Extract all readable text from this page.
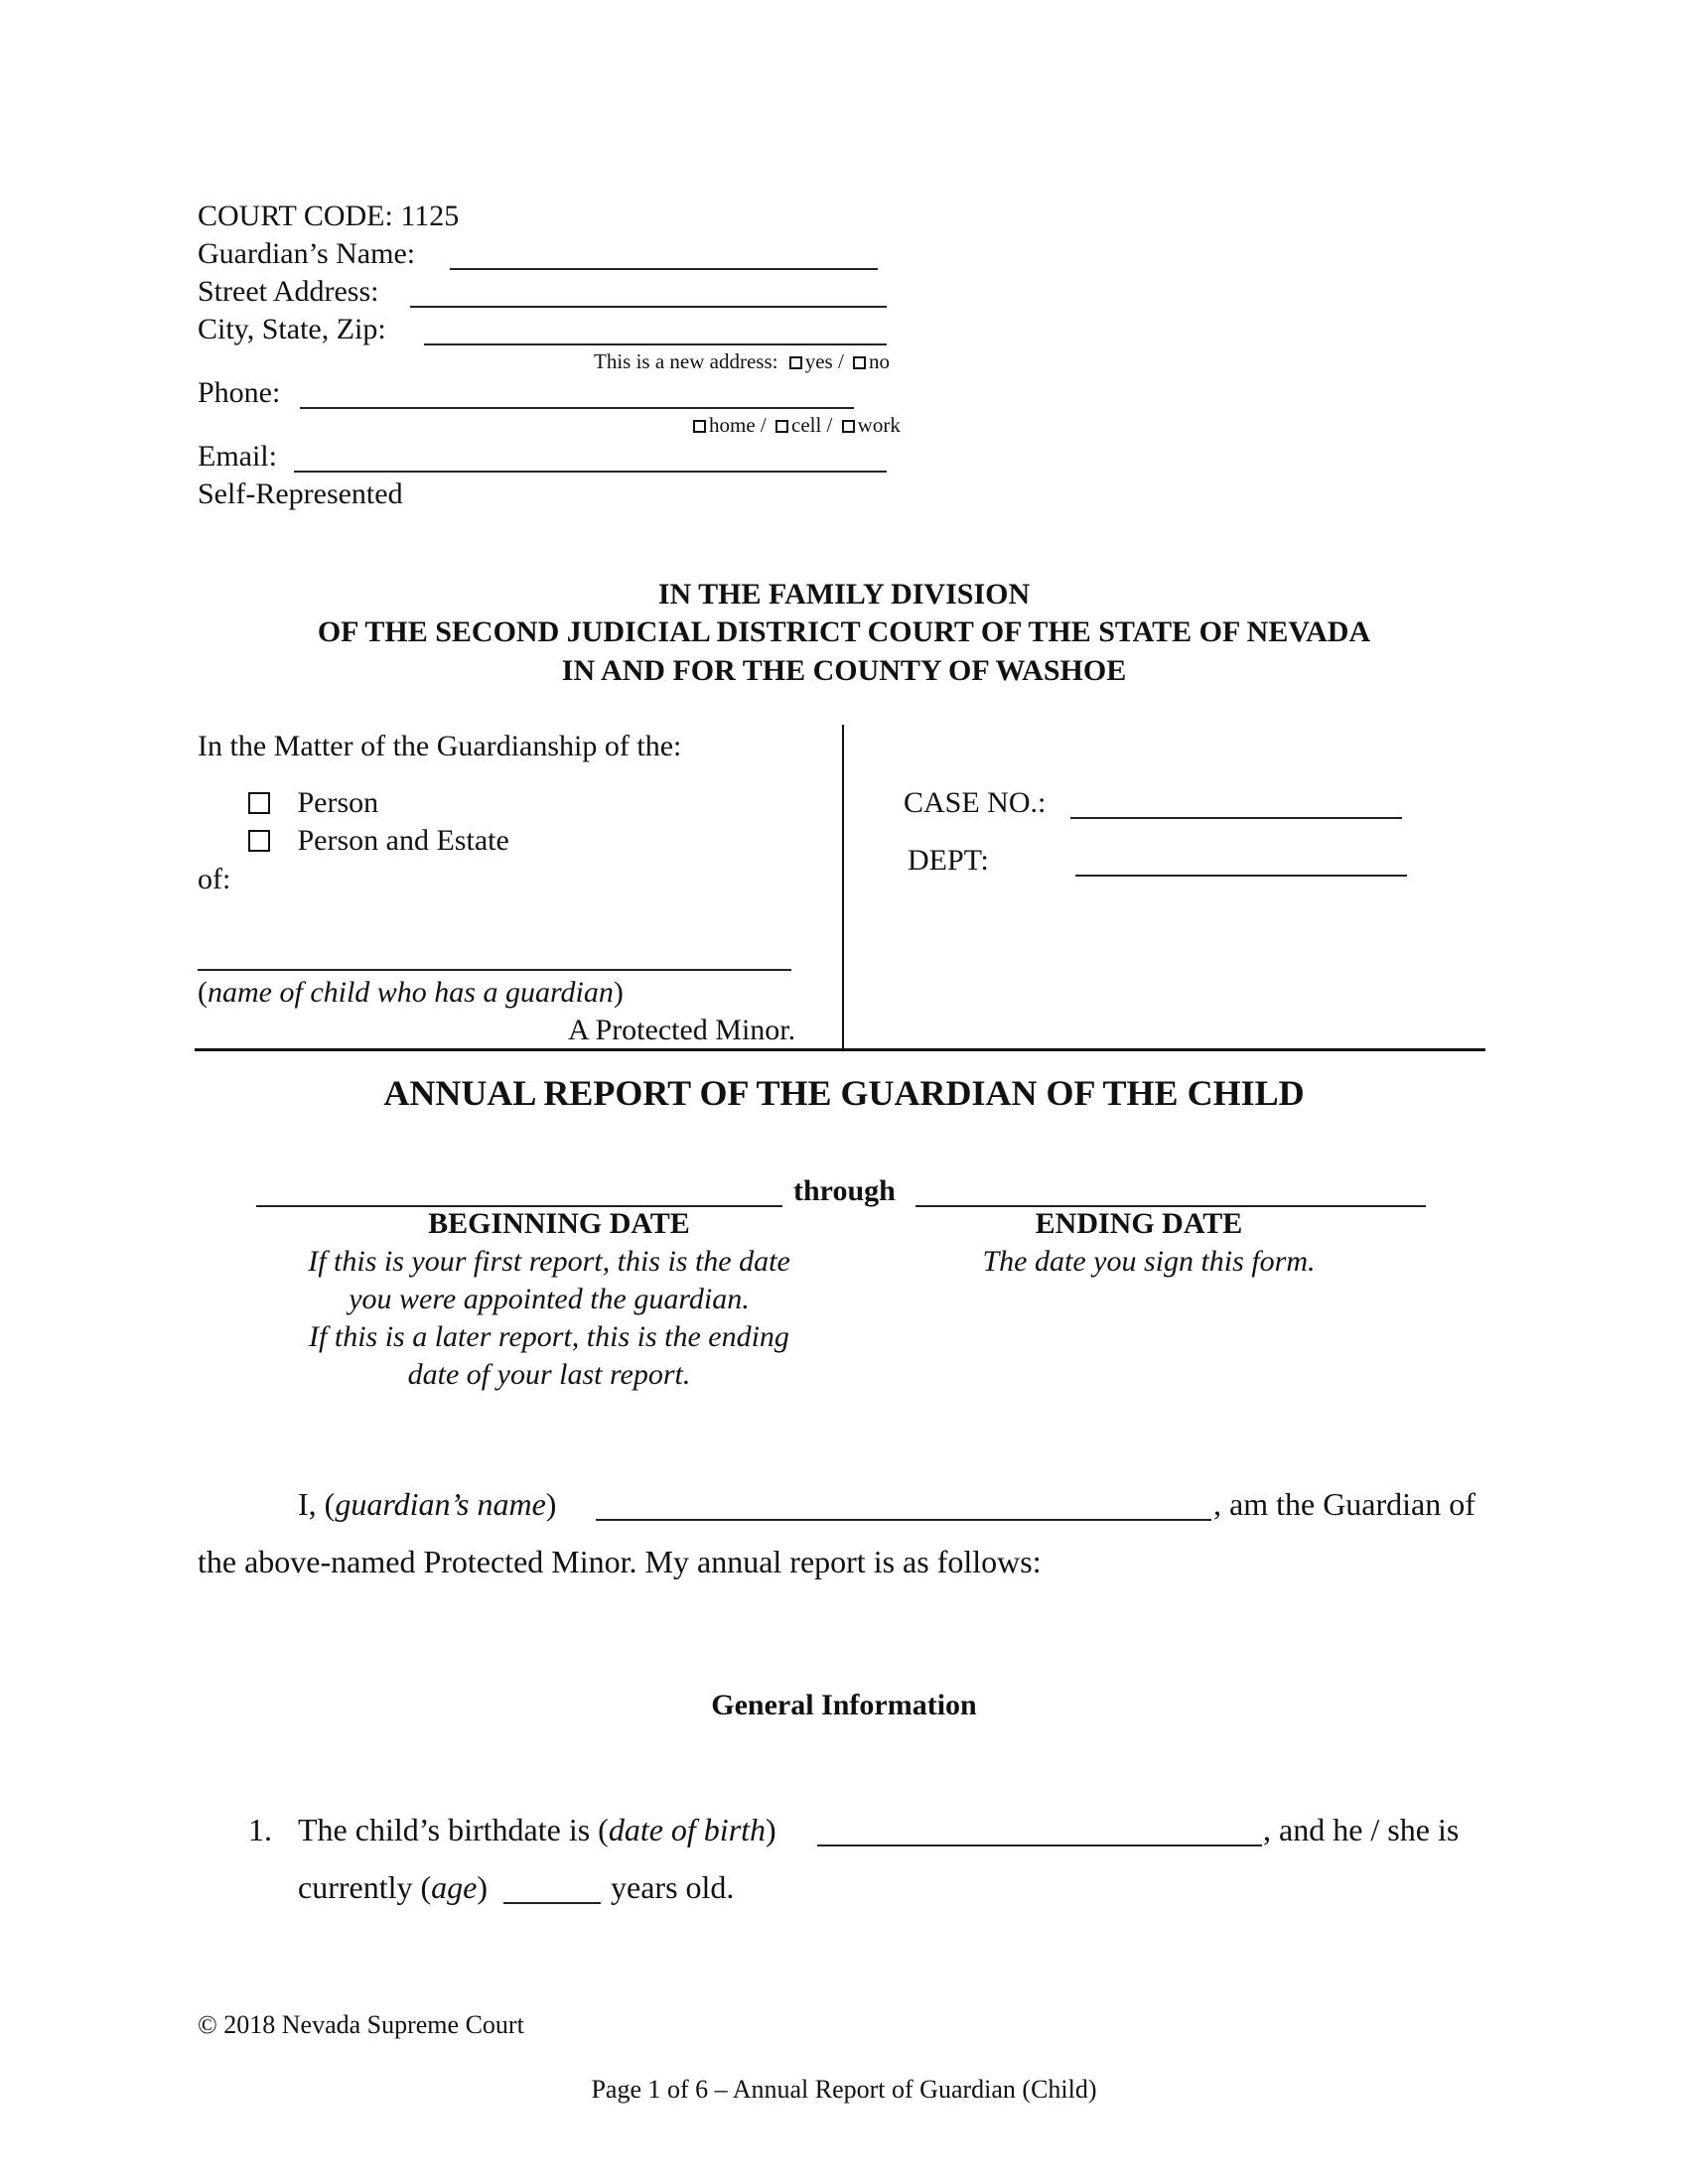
COURT CODE: 1125
Guardian’s Name:
Street Address:
City, State, Zip:
This is a new address: yes / no
Phone:
home / cell / work
Email:
Self-Represented
IN THE FAMILY DIVISION
OF THE SECOND JUDICIAL DISTRICT COURT OF THE STATE OF NEVADA
IN AND FOR THE COUNTY OF WASHOE
In the Matter of the Guardianship of the:
Person
Person and Estate
of:
(name of child who has a guardian)
A Protected Minor.
CASE NO.:
DEPT:
ANNUAL REPORT OF THE GUARDIAN OF THE CHILD
through
BEGINNING DATE
If this is your first report, this is the date
you were appointed the guardian.
If this is a later report, this is the ending
date of your last report.
ENDING DATE
The date you sign this form.
I, (guardian’s name)	, am the Guardian of
the above-named Protected Minor. My annual report is as follows:
General Information
1. The child’s birthdate is (date of birth)	, and he / she is
currently (age)	years old.
© 2018 Nevada Supreme Court
Page 1 of 6 – Annual Report of Guardian (Child)
